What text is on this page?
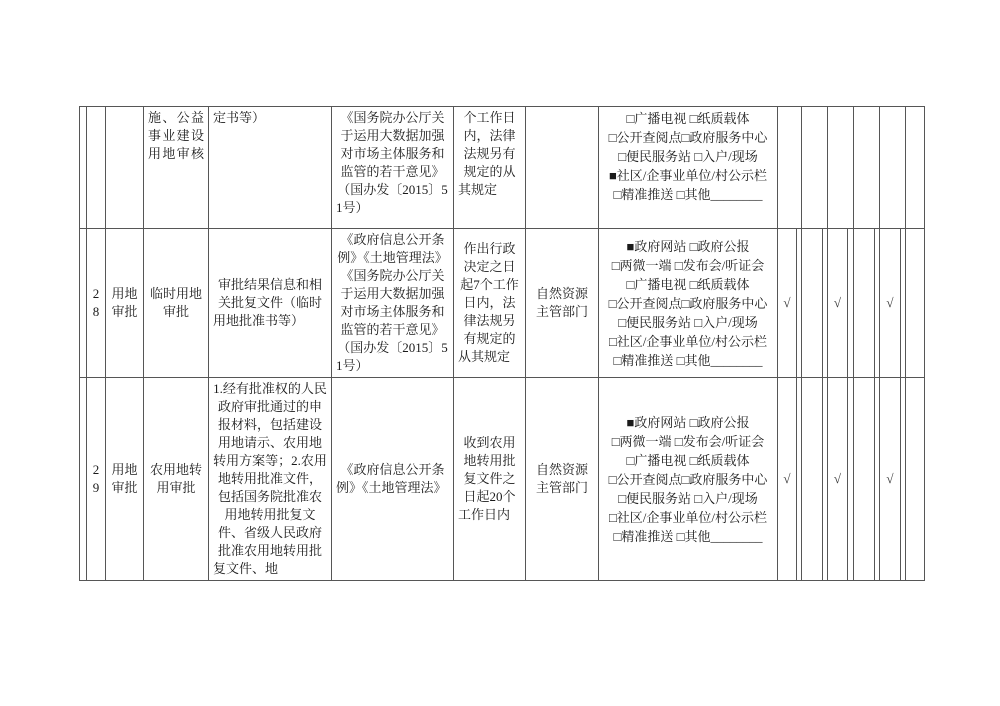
			施、公益事业建设用地审核	定书等）	《国务院办公厅关于运用大数据加强对市场主体服务和监管的若干意见》（国办发〔2015〕51号）	个工作日内，法律法规另有规定的从其规定		□广播电视 □纸质载体
□公开查阅点□政府服务中心
□便民服务站 □入户/现场
■社区/企事业单位/村公示栏
□精准推送 □其他________											

	28	用地审批	临时用地审批	审批结果信息和相关批复文件（临时用地批准书等）	《政府信息公开条例》《土地管理法》《国务院办公厅关于运用大数据加强对市场主体服务和监管的若干意见》（国办发〔2015〕51号）	作出行政决定之日起7个工作日内，法律法规另有规定的从其规定	自然资源主管部门	
■政府网站 □政府公报
□两微一端 □发布会/听证会
□广播电视 □纸质载体
□公开查阅点□政府服务中心
□便民服务站 □入户/现场
□社区/企事业单位/村公示栏
□精准推送 □其他________
	√				√				√		
	29	用地审批	农用地转用审批	1.经有批准权的人民政府审批通过的申报材料，包括建设用地请示、农用地转用方案等；2.农用地转用批准文件，包括国务院批准农用地转用批复文件、省级人民政府批准农用地转用批复文件、地	《政府信息公开条例》《土地管理法》	收到农用地转用批复文件之日起20个工作日内	自然资源主管部门	
■政府网站 □政府公报
□两微一端 □发布会/听证会
□广播电视 □纸质载体
□公开查阅点□政府服务中心
□便民服务站 □入户/现场
□社区/企事业单位/村公示栏
□精准推送 □其他________
	√				√				√		
